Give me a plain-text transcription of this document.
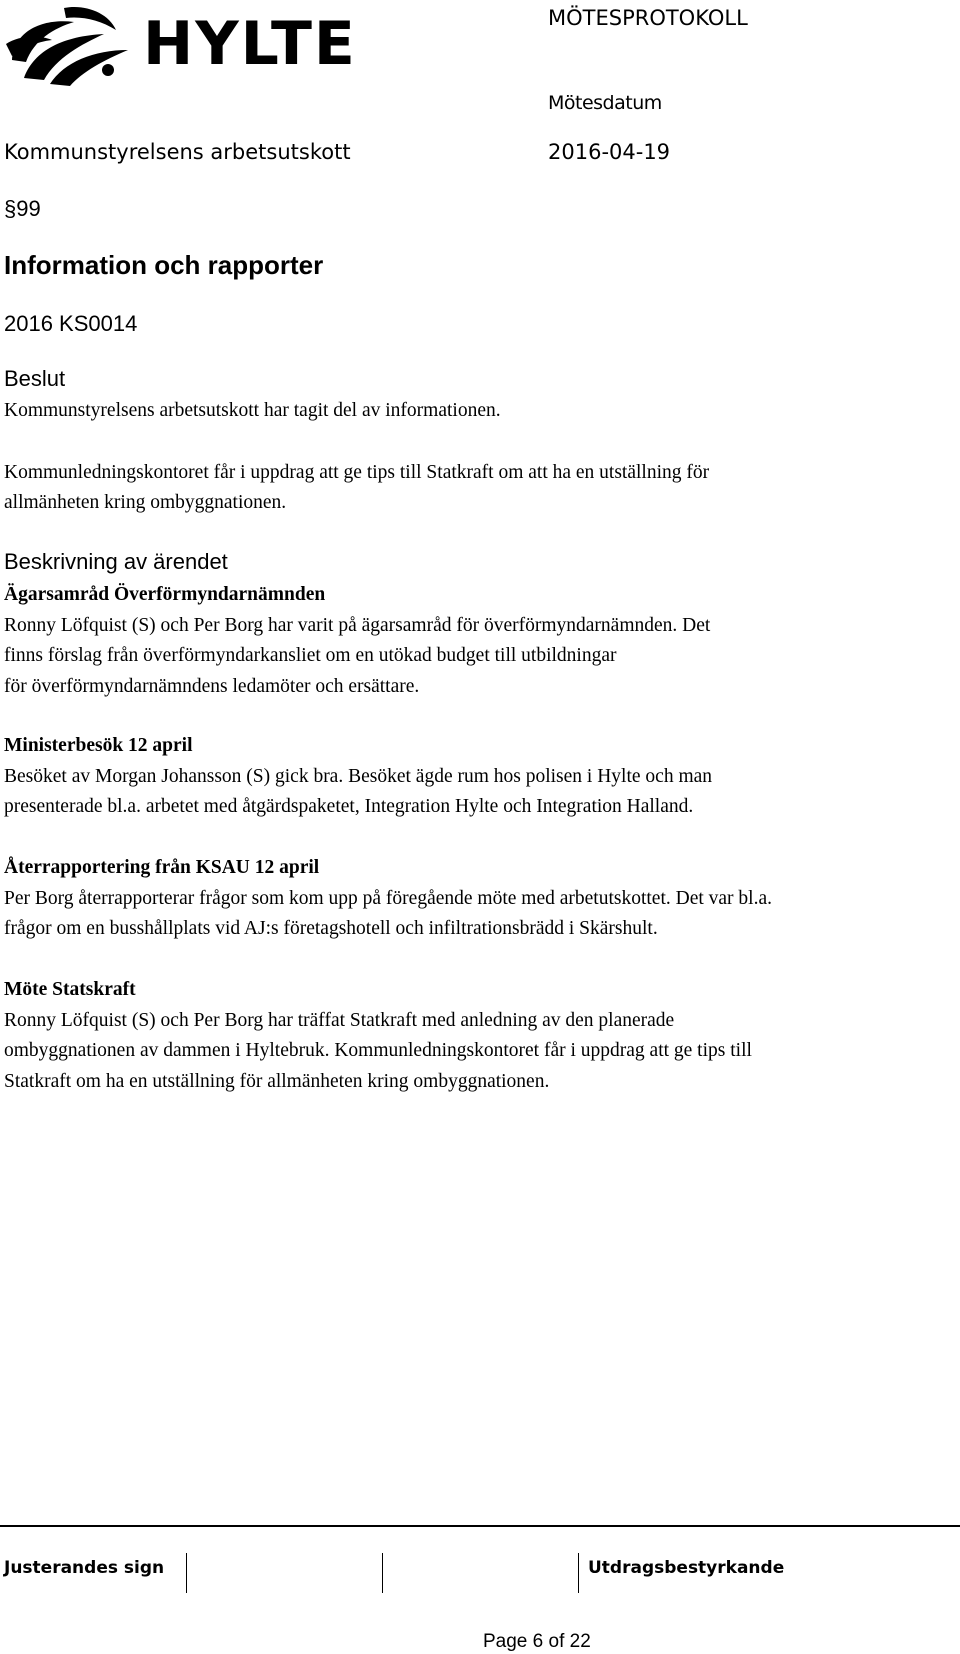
HYLTE	MÖTESPROTOKOLL
Mötesdatum
Kommunstyrelsens arbetsutskott	2016-04-19
§99
Information och rapporter
2016 KS0014
Beslut

Kommunstyrelsens arbetsutskott har tagit del av informationen.

Kommunledningskontoret får i uppdrag att ge tips till Statkraft om att ha en utställning för

allmänheten kring ombyggnationen.

Beskrivning av ärendet

Ägarsamråd Överförmyndarnämnden

Ronny Löfquist (S) och Per Borg har varit på ägarsamråd för överförmyndarnämnden. Det

finns förslag från överförmyndarkansliet om en utökad budget till utbildningar

för överförmyndarnämndens ledamöter och ersättare.

Ministerbesök 12 april

Besöket av Morgan Johansson (S) gick bra. Besöket ägde rum hos polisen i Hylte och man

presenterade bl.a. arbetet med åtgärdspaketet, Integration Hylte och Integration Halland.

Återrapportering från KSAU 12 april

Per Borg återrapporterar frågor som kom upp på föregående möte med arbetutskottet. Det var bl.a.

frågor om en busshållplats vid AJ:s företagshotell och infiltrationsbrädd i Skärshult.

Möte Statskraft

Ronny Löfquist (S) och Per Borg har träffat Statkraft med anledning av den planerade

ombyggnationen av dammen i Hyltebruk. Kommunledningskontoret får i uppdrag att ge tips till

Statkraft om ha en utställning för allmänheten kring ombyggnationen.

Justerandes sign	Utdragsbestyrkande
Page 6 of 22
